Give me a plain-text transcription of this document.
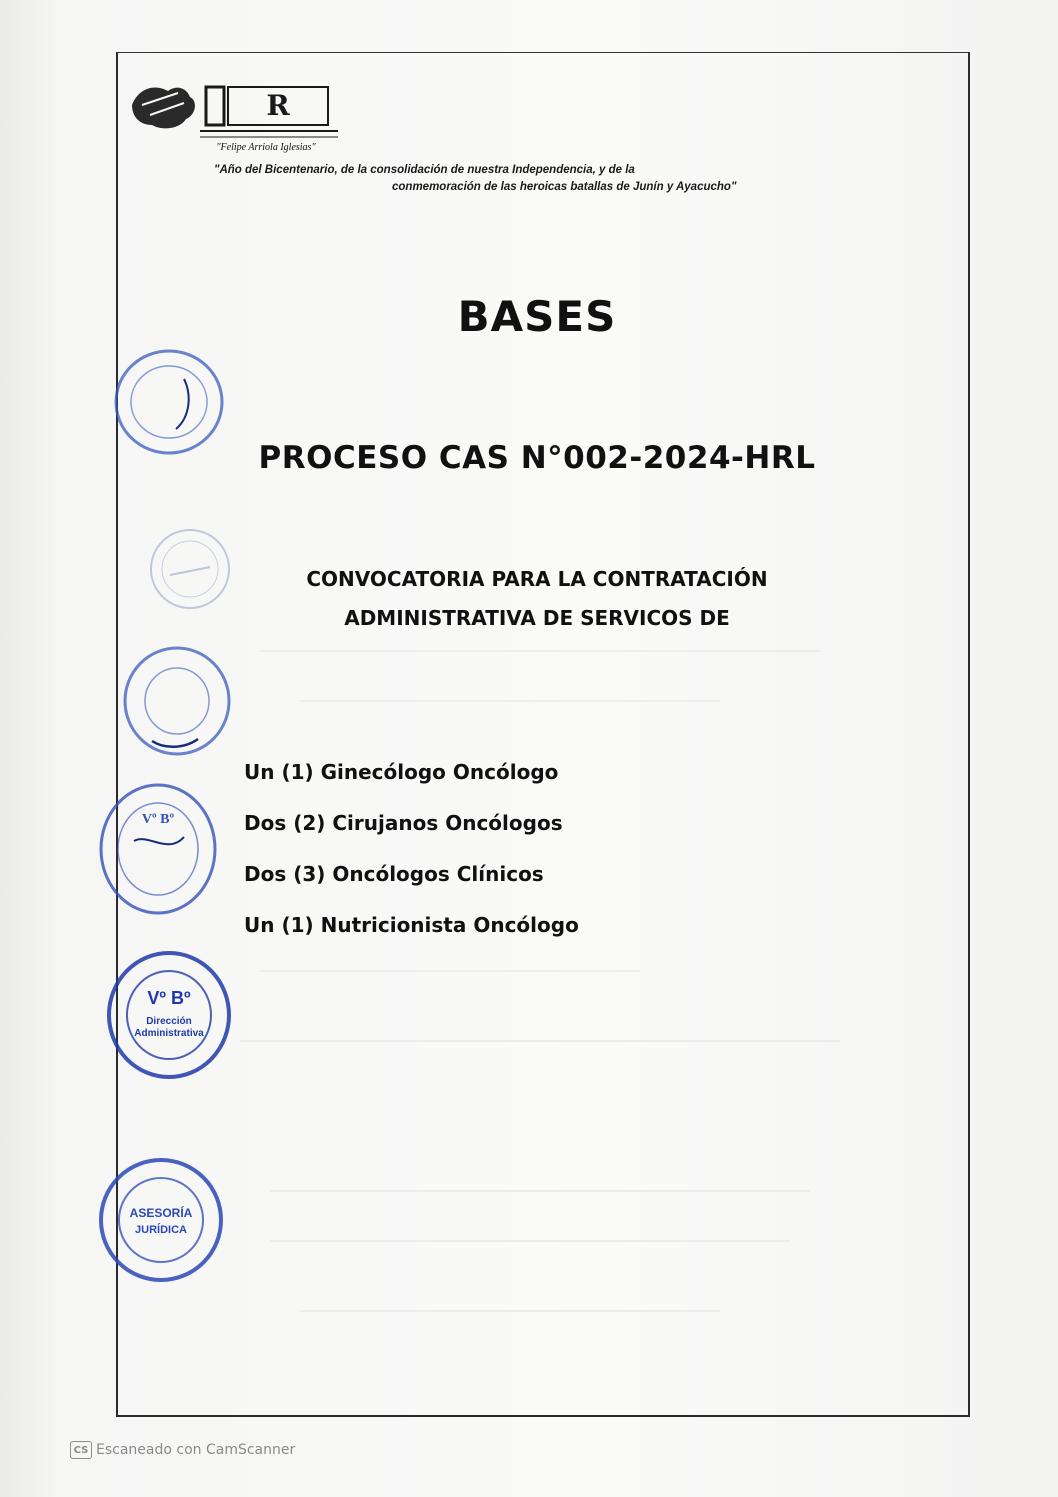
R
"Felipe Arriola Iglesias"
"Año del Bicentenario, de la consolidación de nuestra Independencia, y de la
conmemoración de las heroicas batallas de Junín y Ayacucho"
BASES
PROCESO CAS N°002-2024-HRL
CONVOCATORIA PARA LA CONTRATACIÓN
ADMINISTRATIVA DE SERVICOS DE
Un (1) Ginecólogo Oncólogo
Dos (2) Cirujanos Oncólogos
Dos (3) Oncólogos Clínicos
Un (1) Nutricionista Oncólogo
Vº Bº
Vº Bº
Dirección
Administrativa
ASESORÍA
JURÍDICA
CS Escaneado con CamScanner
